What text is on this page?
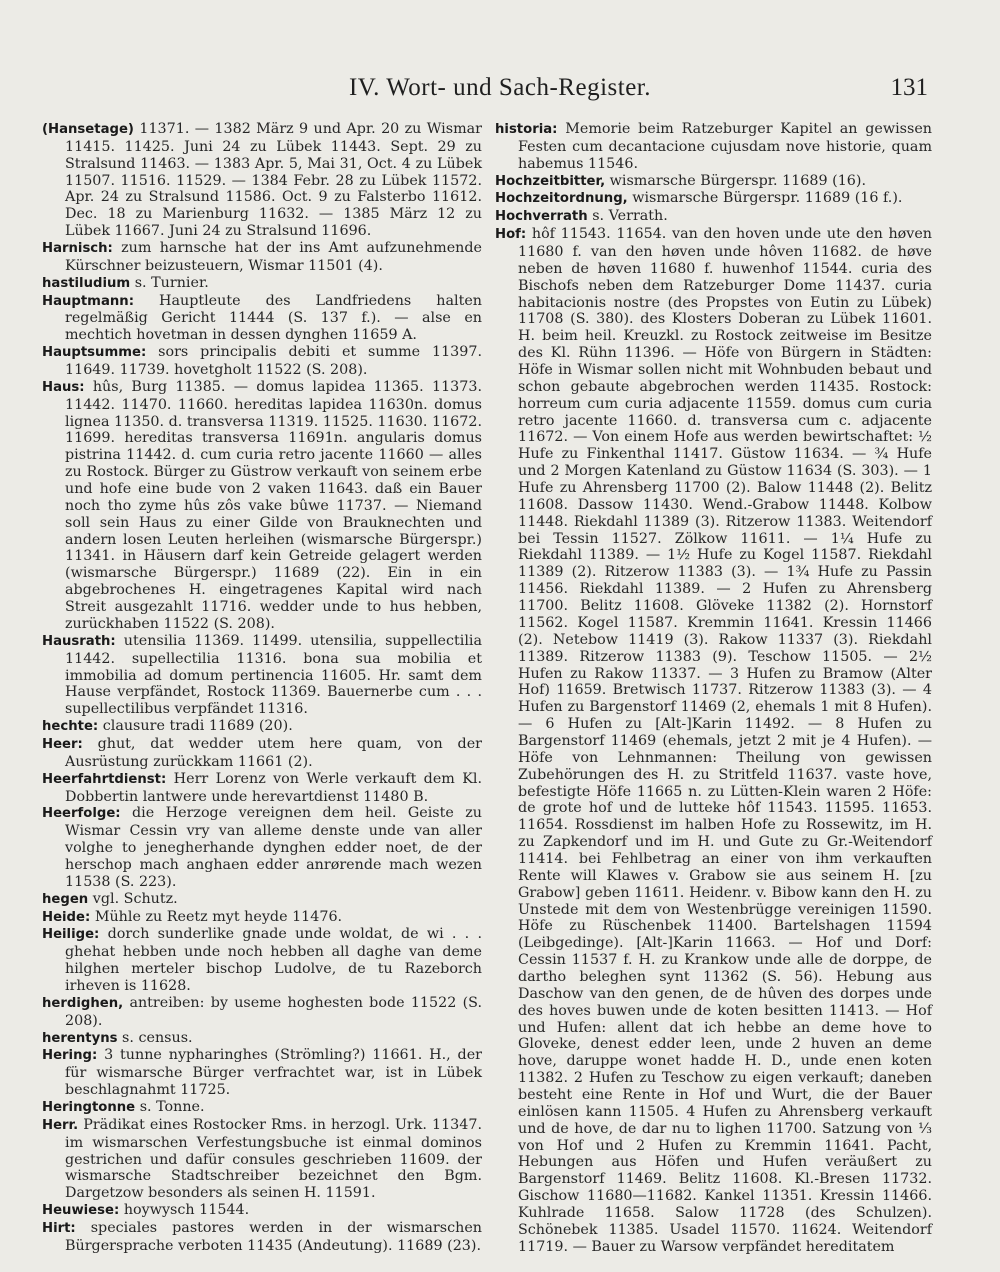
IV. Wort- und Sach-Register.	131
(Hansetage) 11371. — 1382 März 9 und Apr. 20 zu Wismar 11415. 11425. Juni 24 zu Lübek 11443. Sept. 29 zu Stralsund 11463. — 1383 Apr. 5, Mai 31, Oct. 4 zu Lübek 11507. 11516. 11529. — 1384 Febr. 28 zu Lübek 11572. Apr. 24 zu Stralsund 11586. Oct. 9 zu Falsterbo 11612. Dec. 18 zu Marienburg 11632. — 1385 März 12 zu Lübek 11667. Juni 24 zu Stralsund 11696.
Harnisch: zum harnsche hat der ins Amt aufzunehmende Kürschner beizusteuern, Wismar 11501 (4).
hastiludium s. Turnier.
Hauptmann: Hauptleute des Landfriedens halten regelmäßig Gericht 11444 (S. 137 f.). — alse en mechtich hovetman in dessen dynghen 11659 A.
Hauptsumme: sors principalis debiti et summe 11397. 11649. 11739. hovetgholt 11522 (S. 208).
Haus: hûs, Burg 11385. — domus lapidea 11365. 11373. 11442. 11470. 11660. hereditas lapidea 11630n. domus lignea 11350. d. transversa 11319. 11525. 11630. 11672. 11699. hereditas transversa 11691n. angularis domus pistrina 11442. d. cum curia retro jacente 11660 — alles zu Rostock. Bürger zu Güstrow verkauft von seinem erbe und hofe eine bude von 2 vaken 11643. daß ein Bauer noch tho zyme hûs zôs vake bûwe 11737. — Niemand soll sein Haus zu einer Gilde von Brauknechten und andern losen Leuten herleihen (wismarsche Bürgerspr.) 11341. in Häusern darf kein Getreide gelagert werden (wismarsche Bürgerspr.) 11689 (22). Ein in ein abgebrochenes H. eingetragenes Kapital wird nach Streit ausgezahlt 11716. wedder unde to hus hebben, zurückhaben 11522 (S. 208).
Hausrath: utensilia 11369. 11499. utensilia, suppellectilia 11442. supellectilia 11316. bona sua mobilia et immobilia ad domum pertinencia 11605. Hr. samt dem Hause verpfändet, Rostock 11369. Bauernerbe cum . . . supellectilibus verpfändet 11316.
hechte: clausure tradi 11689 (20).
Heer: ghut, dat wedder utem here quam, von der Ausrüstung zurückkam 11661 (2).
Heerfahrtdienst: Herr Lorenz von Werle verkauft dem Kl. Dobbertin lantwere unde herevartdienst 11480 B.
Heerfolge: die Herzoge vereignen dem heil. Geiste zu Wismar Cessin vry van alleme denste unde van aller volghe to jenegherhande dynghen edder noet, de der herschop mach anghaen edder anrørende mach wezen 11538 (S. 223).
hegen vgl. Schutz.
Heide: Mühle zu Reetz myt heyde 11476.
Heilige: dorch sunderlike gnade unde woldat, de wi . . . ghehat hebben unde noch hebben all daghe van deme hilghen merteler bischop Ludolve, de tu Razeborch irheven is 11628.
herdighen, antreiben: by useme hoghesten bode 11522 (S. 208).
herentyns s. census.
Hering: 3 tunne nypharinghes (Strömling?) 11661. H., der für wismarsche Bürger verfrachtet war, ist in Lübek beschlagnahmt 11725.
Heringtonne s. Tonne.
Herr. Prädikat eines Rostocker Rms. in herzogl. Urk. 11347. im wismarschen Verfestungsbuche ist einmal dominos gestrichen und dafür consules geschrieben 11609. der wismarsche Stadtschreiber bezeichnet den Bgm. Dargetzow besonders als seinen H. 11591.
Heuwiese: hoywysch 11544.
Hirt: speciales pastores werden in der wismarschen Bürgersprache verboten 11435 (Andeutung). 11689 (23).
historia: Memorie beim Ratzeburger Kapitel an gewissen Festen cum decantacione cujusdam nove historie, quam habemus 11546.
Hochzeitbitter, wismarsche Bürgerspr. 11689 (16).
Hochzeitordnung, wismarsche Bürgerspr. 11689 (16 f.).
Hochverrath s. Verrath.
Hof: hôf 11543. 11654. van den hoven unde ute den høven 11680 f. van den høven unde hôven 11682. de høve neben de høven 11680 f. huwenhof 11544. curia des Bischofs neben dem Ratzeburger Dome 11437. curia habitacionis nostre (des Propstes von Eutin zu Lübek) 11708 (S. 380). des Klosters Doberan zu Lübek 11601. H. beim heil. Kreuzkl. zu Rostock zeitweise im Besitze des Kl. Rühn 11396. — Höfe von Bürgern in Städten: Höfe in Wismar sollen nicht mit Wohnbuden bebaut und schon gebaute abgebrochen werden 11435. Rostock: horreum cum curia adjacente 11559. domus cum curia retro jacente 11660. d. transversa cum c. adjacente 11672. — Von einem Hofe aus werden bewirtschaftet: ½ Hufe zu Finkenthal 11417. Güstow 11634. — ¾ Hufe und 2 Morgen Katenland zu Güstow 11634 (S. 303). — 1 Hufe zu Ahrensberg 11700 (2). Balow 11448 (2). Belitz 11608. Dassow 11430. Wend.-Grabow 11448. Kolbow 11448. Riekdahl 11389 (3). Ritzerow 11383. Weitendorf bei Tessin 11527. Zölkow 11611. — 1¼ Hufe zu Riekdahl 11389. — 1½ Hufe zu Kogel 11587. Riekdahl 11389 (2). Ritzerow 11383 (3). — 1¾ Hufe zu Passin 11456. Riekdahl 11389. — 2 Hufen zu Ahrensberg 11700. Belitz 11608. Glöveke 11382 (2). Hornstorf 11562. Kogel 11587. Kremmin 11641. Kressin 11466 (2). Netebow 11419 (3). Rakow 11337 (3). Riekdahl 11389. Ritzerow 11383 (9). Teschow 11505. — 2½ Hufen zu Rakow 11337. — 3 Hufen zu Bramow (Alter Hof) 11659. Bretwisch 11737. Ritzerow 11383 (3). — 4 Hufen zu Bargenstorf 11469 (2, ehemals 1 mit 8 Hufen). — 6 Hufen zu [Alt-]Karin 11492. — 8 Hufen zu Bargenstorf 11469 (ehemals, jetzt 2 mit je 4 Hufen). — Höfe von Lehnmannen: Theilung von gewissen Zubehörungen des H. zu Stritfeld 11637. vaste hove, befestigte Höfe 11665 n. zu Lütten-Klein waren 2 Höfe: de grote hof und de lutteke hôf 11543. 11595. 11653. 11654. Rossdienst im halben Hofe zu Rossewitz, im H. zu Zapkendorf und im H. und Gute zu Gr.-Weitendorf 11414. bei Fehlbetrag an einer von ihm verkauften Rente will Klawes v. Grabow sie aus seinem H. [zu Grabow] geben 11611. Heidenr. v. Bibow kann den H. zu Unstede mit dem von Westenbrügge vereinigen 11590. Höfe zu Rüschenbek 11400. Bartelshagen 11594 (Leibgedinge). [Alt-]Karin 11663. — Hof und Dorf: Cessin 11537 f. H. zu Krankow unde alle de dorppe, de dartho beleghen synt 11362 (S. 56). Hebung aus Daschow van den genen, de de hûven des dorpes unde des hoves buwen unde de koten besitten 11413. — Hof und Hufen: allent dat ich hebbe an deme hove to Gloveke, denest edder leen, unde 2 huven an deme hove, daruppe wonet hadde H. D., unde enen koten 11382. 2 Hufen zu Teschow zu eigen verkauft; daneben besteht eine Rente in Hof und Wurt, die der Bauer einlösen kann 11505. 4 Hufen zu Ahrensberg verkauft und de hove, de dar nu to lighen 11700. Satzung von ⅓ von Hof und 2 Hufen zu Kremmin 11641. Pacht, Hebungen aus Höfen und Hufen veräußert zu Bargenstorf 11469. Belitz 11608. Kl.-Bresen 11732. Gischow 11680—11682. Kankel 11351. Kressin 11466. Kuhlrade 11658. Salow 11728 (des Schulzen). Schönebek 11385. Usadel 11570. 11624. Weitendorf 11719. — Bauer zu Warsow verpfändet hereditatem
